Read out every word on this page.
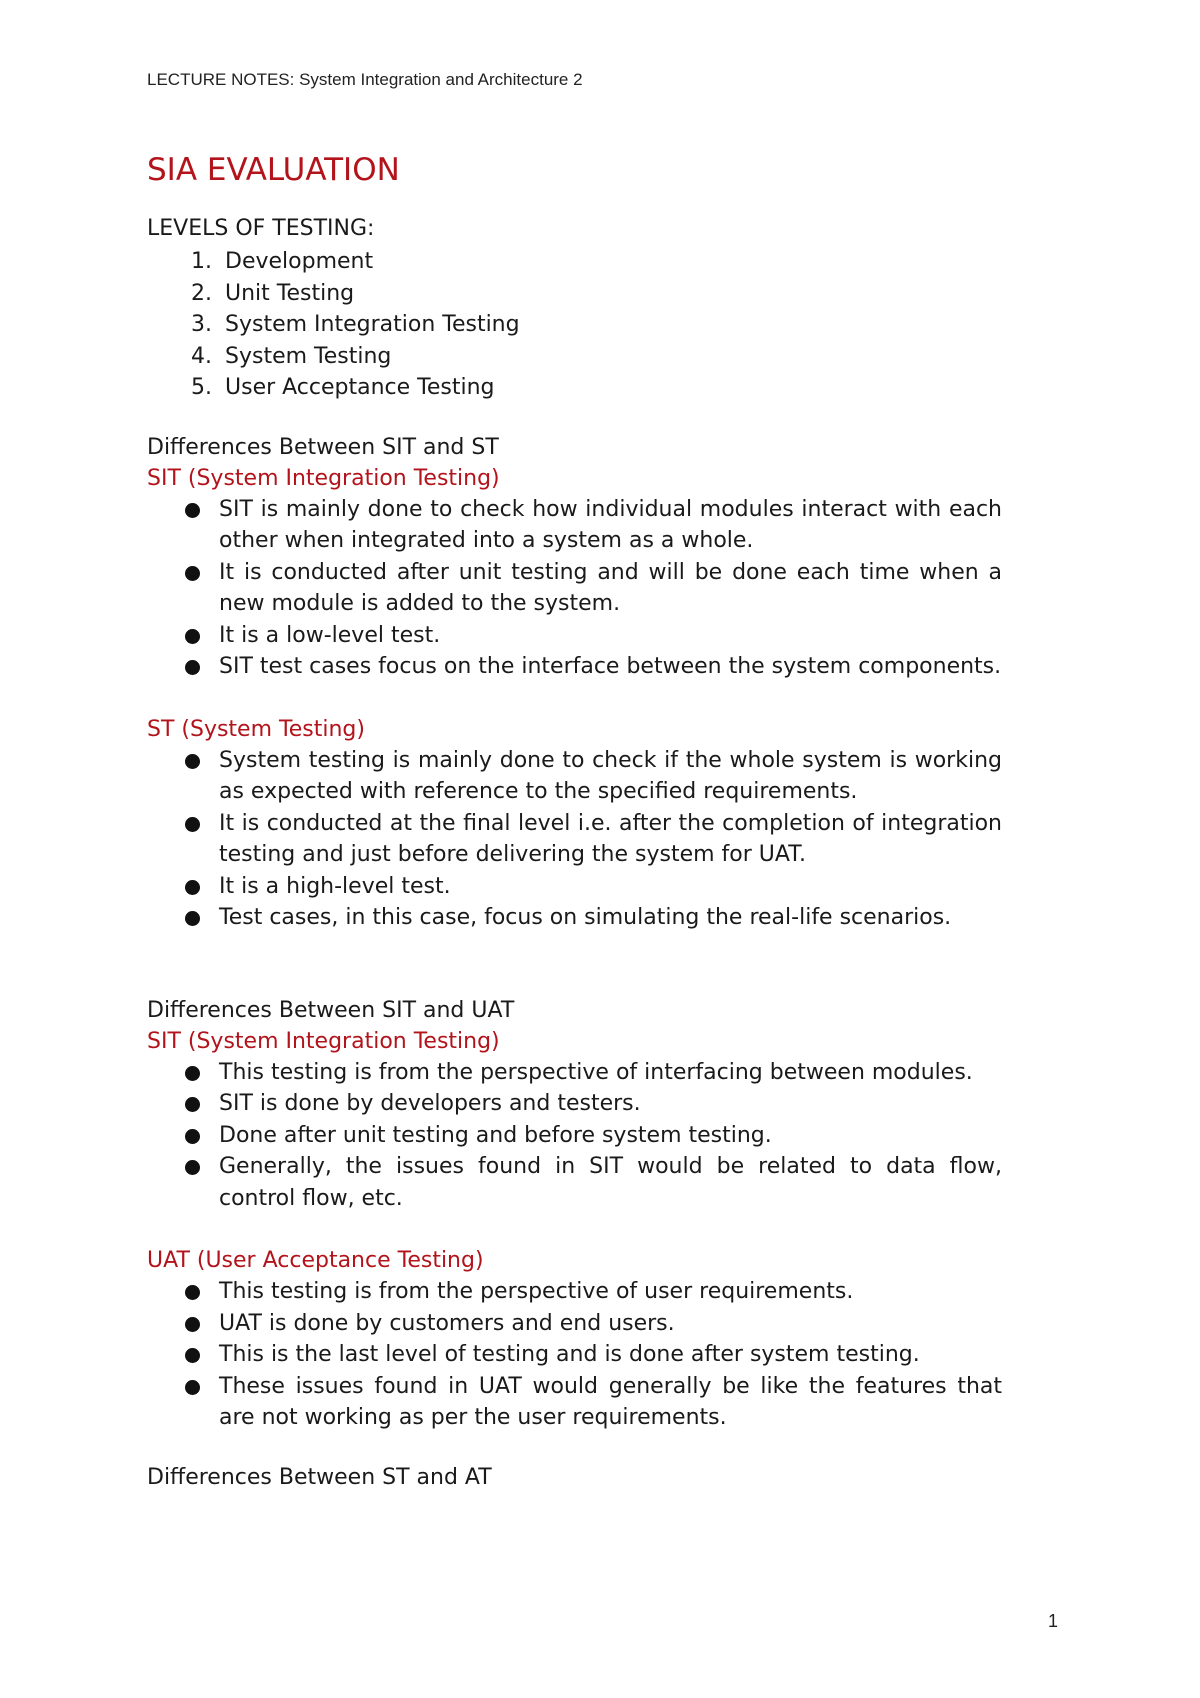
LECTURE NOTES: System Integration and Architecture 2

SIA EVALUATION

LEVELS OF TESTING:

1. Development
2. Unit Testing
3. System Integration Testing
4. System Testing
5. User Acceptance Testing

Differences Between SIT and ST

SIT (System Integration Testing)

SIT is mainly done to check how individual modules interact with each other when integrated into a system as a whole.
It is conducted after unit testing and will be done each time when a new module is added to the system.
It is a low-level test.
SIT test cases focus on the interface between the system components.

ST (System Testing)

System testing is mainly done to check if the whole system is working as expected with reference to the specified requirements.
It is conducted at the final level i.e. after the completion of integration testing and just before delivering the system for UAT.
It is a high-level test.
Test cases, in this case, focus on simulating the real-life scenarios.

Differences Between SIT and UAT

SIT (System Integration Testing)

This testing is from the perspective of interfacing between modules.
SIT is done by developers and testers.
Done after unit testing and before system testing.
Generally, the issues found in SIT would be related to data flow, control flow, etc.

UAT (User Acceptance Testing)

This testing is from the perspective of user requirements.
UAT is done by customers and end users.
This is the last level of testing and is done after system testing.
These issues found in UAT would generally be like the features that are not working as per the user requirements.

Differences Between ST and AT

1
